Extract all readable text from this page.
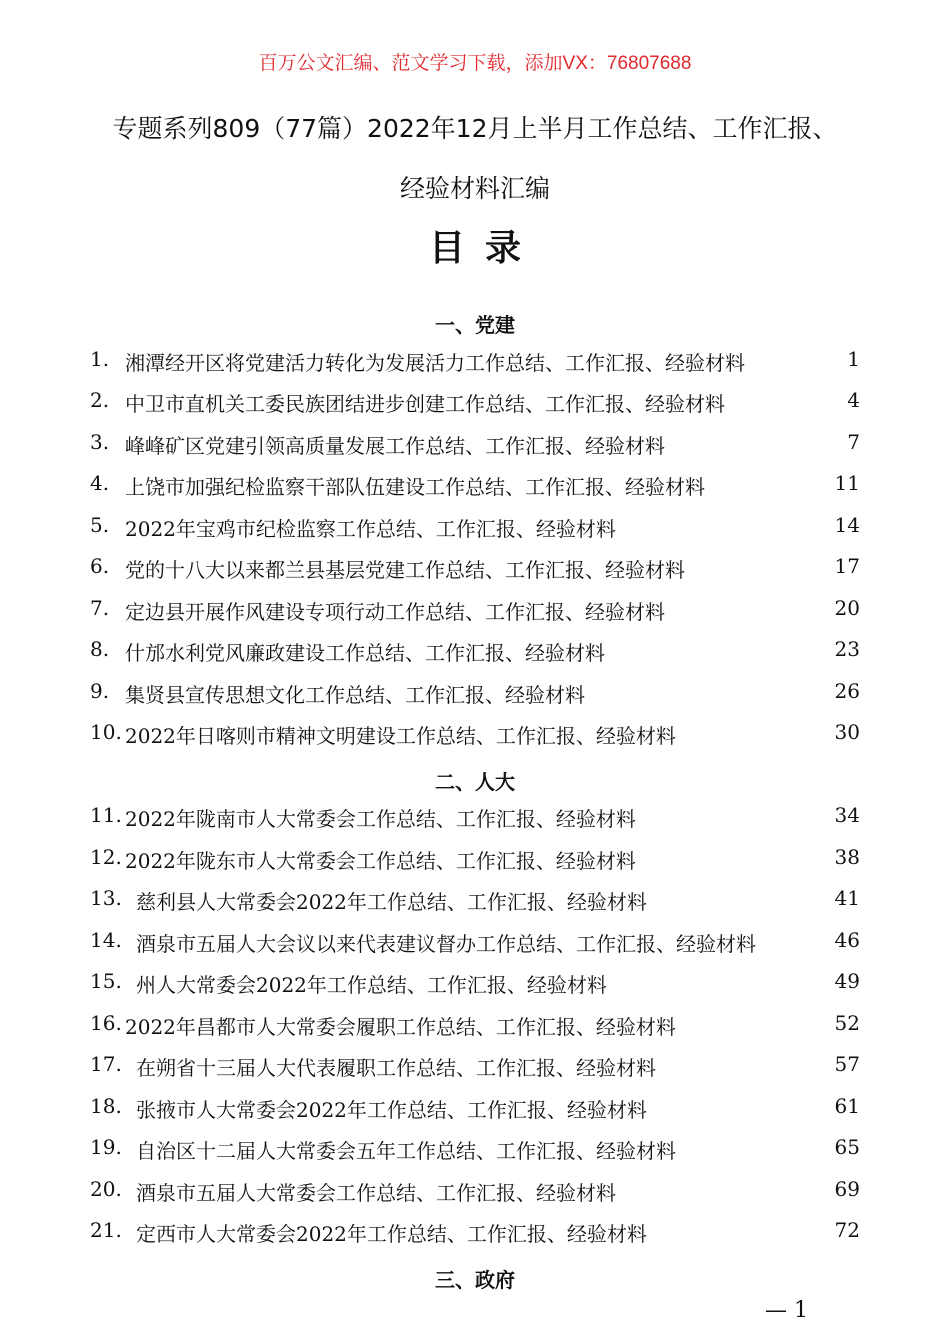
百万公文汇编、范文学习下载，添加VX：76807688
专题系列809（77篇）2022年12月上半月工作总结、工作汇报、
经验材料汇编
目录
一、党建
1. 湘潭经开区将党建活力转化为发展活力工作总结、工作汇报、经验材料	1
2. 中卫市直机关工委民族团结进步创建工作总结、工作汇报、经验材料	4
3. 峰峰矿区党建引领高质量发展工作总结、工作汇报、经验材料	7
4. 上饶市加强纪检监察干部队伍建设工作总结、工作汇报、经验材料	11
5. 2022年宝鸡市纪检监察工作总结、工作汇报、经验材料	14
6. 党的十八大以来都兰县基层党建工作总结、工作汇报、经验材料	17
7. 定边县开展作风建设专项行动工作总结、工作汇报、经验材料	20
8. 什邡水利党风廉政建设工作总结、工作汇报、经验材料	23
9. 集贤县宣传思想文化工作总结、工作汇报、经验材料	26
10. 2022年日喀则市精神文明建设工作总结、工作汇报、经验材料	30
二、人大
11. 2022年陇南市人大常委会工作总结、工作汇报、经验材料	34
12. 2022年陇东市人大常委会工作总结、工作汇报、经验材料	38
13. 慈利县人大常委会2022年工作总结、工作汇报、经验材料	41
14. 酒泉市五届人大会议以来代表建议督办工作总结、工作汇报、经验材料	46
15. 州人大常委会2022年工作总结、工作汇报、经验材料	49
16. 2022年昌都市人大常委会履职工作总结、工作汇报、经验材料	52
17. 在朔省十三届人大代表履职工作总结、工作汇报、经验材料	57
18. 张掖市人大常委会2022年工作总结、工作汇报、经验材料	61
19. 自治区十二届人大常委会五年工作总结、工作汇报、经验材料	65
20. 酒泉市五届人大常委会工作总结、工作汇报、经验材料	69
21. 定西市人大常委会2022年工作总结、工作汇报、经验材料	72
三、政府
— 1
